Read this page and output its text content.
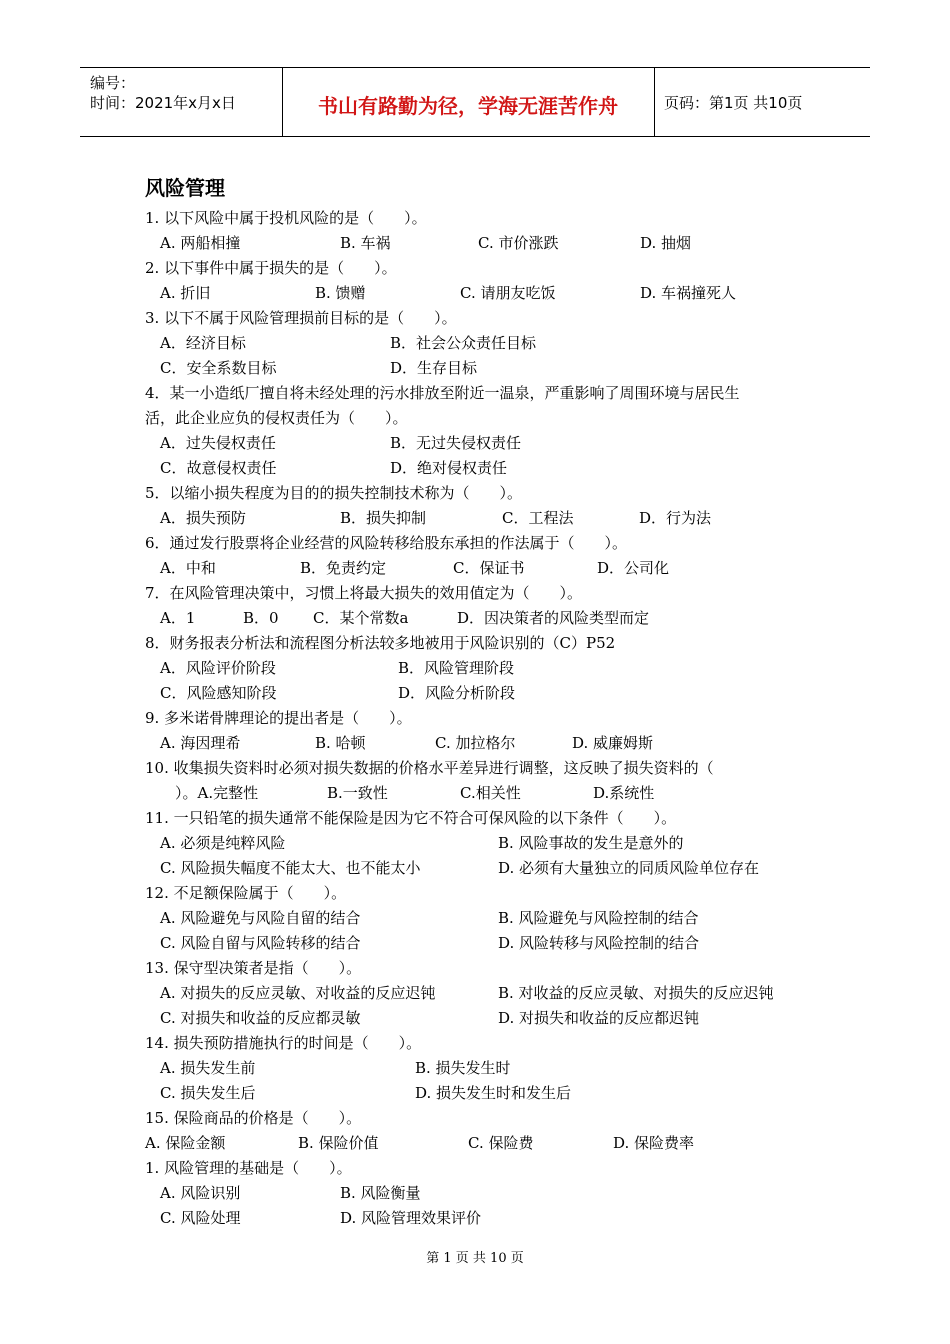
编号：
时间：2021年x月x日	书山有路勤为径，学海无涯苦作舟	页码：第1页 共10页
风险管理
1. 以下风险中属于投机风险的是（　　）。
A. 两船相撞	B. 车祸	C. 市价涨跌	D. 抽烟
2. 以下事件中属于损失的是（　　）。
A. 折旧	B. 馈赠	C. 请朋友吃饭	D. 车祸撞死人
3. 以下不属于风险管理损前目标的是（　　）。
A．经济目标	B．社会公众责任目标
C．安全系数目标	D．生存目标
4．某一小造纸厂擅自将未经处理的污水排放至附近一温泉，严重影响了周围环境与居民生
活，此企业应负的侵权责任为（　　）。
A．过失侵权责任	B．无过失侵权责任
C．故意侵权责任	D．绝对侵权责任
5．以缩小损失程度为目的的损失控制技术称为（　　）。
A．损失预防	B．损失抑制	C．工程法	D．行为法
6．通过发行股票将企业经营的风险转移给股东承担的作法属于（　　）。
A．中和	B．免责约定	C．保证书	D．公司化
7．在风险管理决策中，习惯上将最大损失的效用值定为（　　）。
A．1	B．0 C．某个常数a	D．因决策者的风险类型而定
8．财务报表分析法和流程图分析法较多地被用于风险识别的（C）P52
A．风险评价阶段	B．风险管理阶段
C．风险感知阶段	D．风险分析阶段
9. 多米诺骨牌理论的提出者是（　　）。
A. 海因理希	B. 哈顿	C. 加拉格尔	D. 威廉姆斯
10. 收集损失资料时必须对损失数据的价格水平差异进行调整，这反映了损失资料的（
　）。A.完整性	B.一致性	C.相关性	D.系统性
11. 一只铅笔的损失通常不能保险是因为它不符合可保风险的以下条件（　　）。
A. 必须是纯粹风险	B. 风险事故的发生是意外的
C. 风险损失幅度不能太大、也不能太小	D. 必须有大量独立的同质风险单位存在
12. 不足额保险属于（　　）。
A. 风险避免与风险自留的结合	B. 风险避免与风险控制的结合
C. 风险自留与风险转移的结合	D. 风险转移与风险控制的结合
13. 保守型决策者是指（　　）。
A. 对损失的反应灵敏、对收益的反应迟钝	B. 对收益的反应灵敏、对损失的反应迟钝
C. 对损失和收益的反应都灵敏	D. 对损失和收益的反应都迟钝
14. 损失预防措施执行的时间是（　　）。
A. 损失发生前	B. 损失发生时
C. 损失发生后	D. 损失发生时和发生后
15. 保险商品的价格是（　　）。
A. 保险金额	B. 保险价值	C. 保险费	D. 保险费率
1. 风险管理的基础是（　　）。
A. 风险识别	B. 风险衡量
C. 风险处理	D. 风险管理效果评价
第 1 页 共 10 页
